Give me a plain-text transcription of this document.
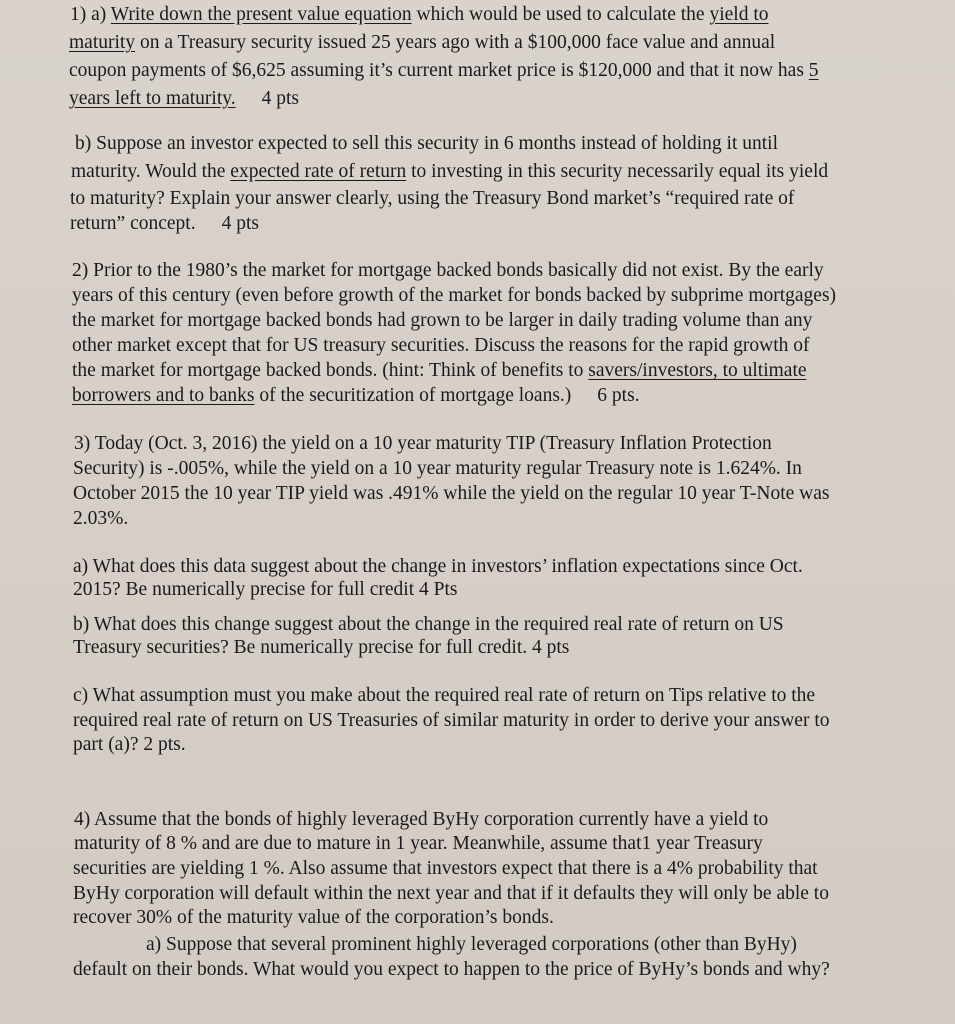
1) a) Write down the present value equation which would be used to calculate the yield to
maturity on a Treasury security issued 25 years ago with a $100,000 face value and annual
coupon payments of $6,625 assuming it’s current market price is $120,000 and that it now has 5
years left to maturity. 4 pts
b) Suppose an investor expected to sell this security in 6 months instead of holding it until
maturity. Would the expected rate of return to investing in this security necessarily equal its yield
to maturity? Explain your answer clearly, using the Treasury Bond market’s “required rate of
return” concept. 4 pts
2) Prior to the 1980’s the market for mortgage backed bonds basically did not exist. By the early
years of this century (even before growth of the market for bonds backed by subprime mortgages)
the market for mortgage backed bonds had grown to be larger in daily trading volume than any
other market except that for US treasury securities. Discuss the reasons for the rapid growth of
the market for mortgage backed bonds. (hint: Think of benefits to savers/investors, to ultimate
borrowers and to banks of the securitization of mortgage loans.) 6 pts.
3) Today (Oct. 3, 2016) the yield on a 10 year maturity TIP (Treasury Inflation Protection
Security) is -.005%, while the yield on a 10 year maturity regular Treasury note is 1.624%. In
October 2015 the 10 year TIP yield was .491% while the yield on the regular 10 year T-Note was
2.03%.
a) What does this data suggest about the change in investors’ inflation expectations since Oct.
2015? Be numerically precise for full credit 4 Pts
b) What does this change suggest about the change in the required real rate of return on US
Treasury securities? Be numerically precise for full credit. 4 pts
c) What assumption must you make about the required real rate of return on Tips relative to the
required real rate of return on US Treasuries of similar maturity in order to derive your answer to
part (a)? 2 pts.
4) Assume that the bonds of highly leveraged ByHy corporation currently have a yield to
maturity of 8 % and are due to mature in 1 year. Meanwhile, assume that1 year Treasury
securities are yielding 1 %. Also assume that investors expect that there is a 4% probability that
ByHy corporation will default within the next year and that if it defaults they will only be able to
recover 30% of the maturity value of the corporation’s bonds.
a) Suppose that several prominent highly leveraged corporations (other than ByHy)
default on their bonds. What would you expect to happen to the price of ByHy’s bonds and why?
